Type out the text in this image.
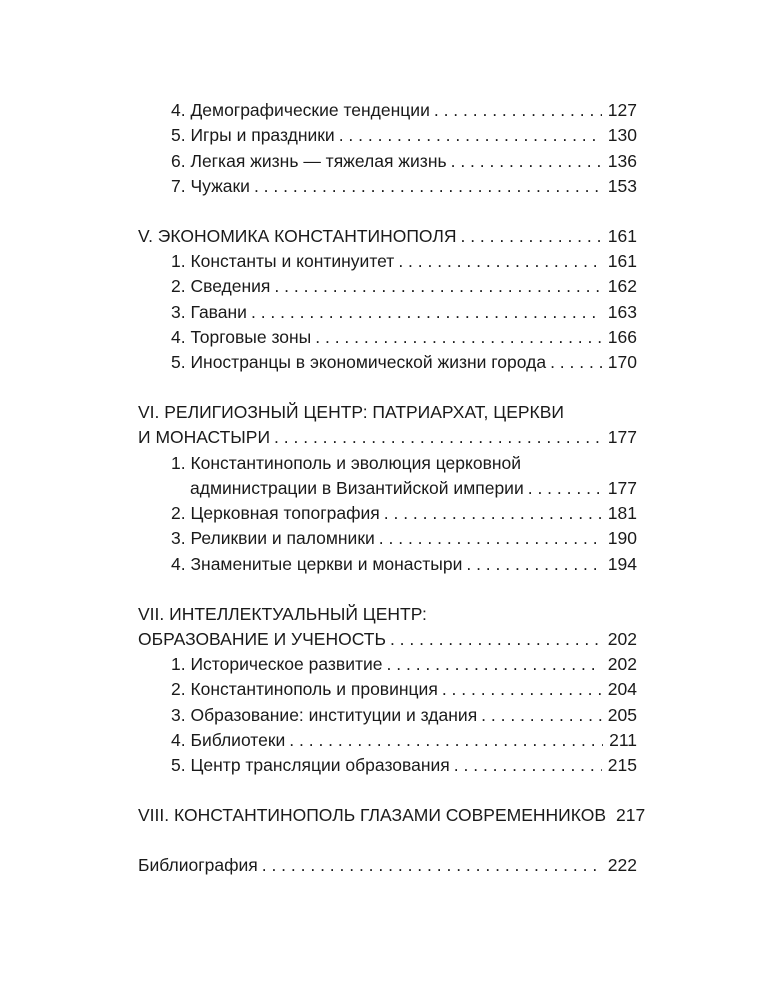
4. Демографические тенденции . . .	127
5. Игры и праздники . . .	130
6. Легкая жизнь — тяжелая жизнь . . .	136
7. Чужаки . . .	153
V. ЭКОНОМИКА КОНСТАНТИНОПОЛЯ . . .	161
1. Константы и континуитет . . .	161
2. Сведения . . .	162
3. Гавани . . .	163
4. Торговые зоны . . .	166
5. Иностранцы в экономической жизни города . . .	170
VI. РЕЛИГИОЗНЫЙ ЦЕНТР: ПАТРИАРХАТ, ЦЕРКВИ
И МОНАСТЫРИ . . .	177
1. Константинополь и эволюция церковной
администрации в Византийской империи . . .	177
2. Церковная топография . . .	181
3. Реликвии и паломники . . .	190
4. Знаменитые церкви и монастыри . . .	194
VII. ИНТЕЛЛЕКТУАЛЬНЫЙ ЦЕНТР:
ОБРАЗОВАНИЕ И УЧЕНОСТЬ . . .	202
1. Историческое развитие . . .	202
2. Константинополь и провинция . . .	204
3. Образование: институции и здания . . .	205
4. Библиотеки . . .	211
5. Центр трансляции образования . . .	215
VIII. КОНСТАНТИНОПОЛЬ ГЛАЗАМИ СОВРЕМЕННИКОВ 217
Библиография . . .	222
